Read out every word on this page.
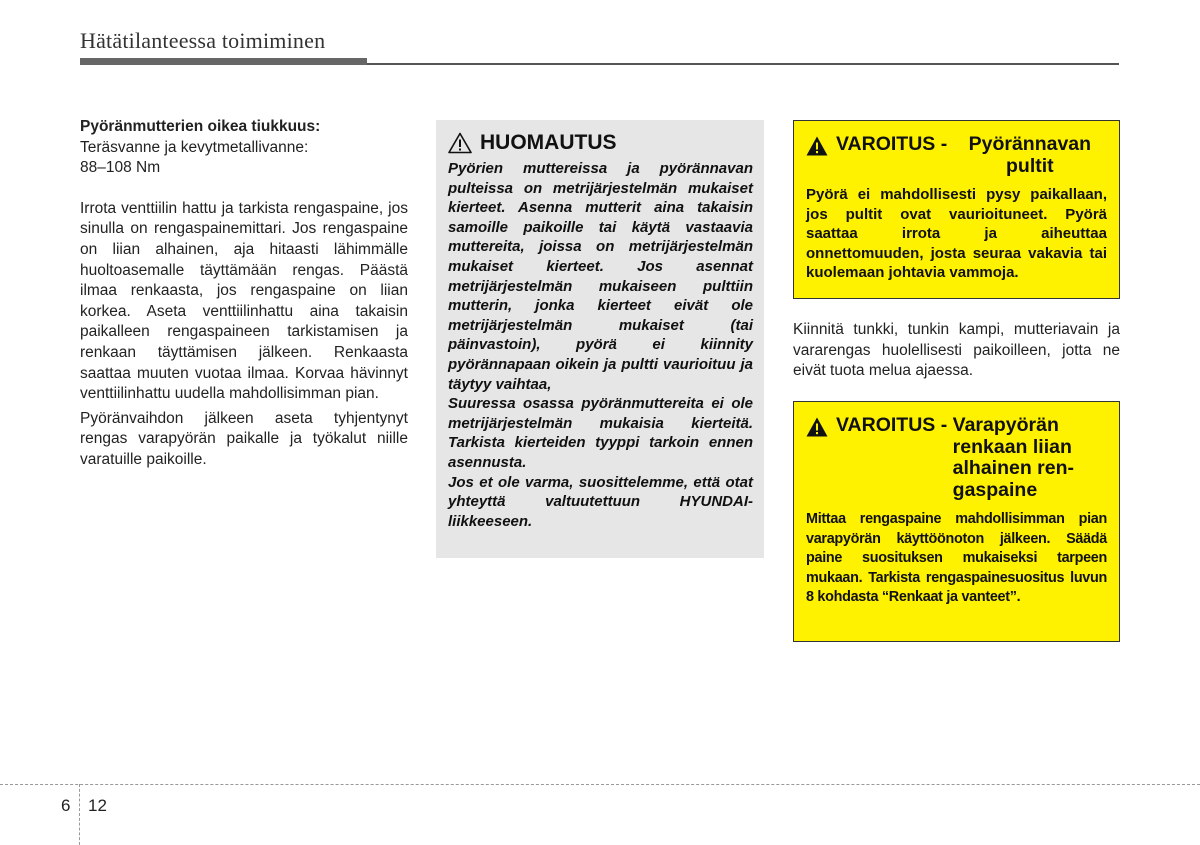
Hätätilanteessa toimiminen

Pyöränmutterien oikea tiukkuus:

Teräsvanne ja kevytmetallivanne:

88–108 Nm

Irrota venttiilin hattu ja tarkista rengaspaine, jos sinulla on rengaspainemittari. Jos rengaspaine on liian alhainen, aja hitaasti lähimmälle huoltoasemalle täyttämään rengas. Päästä ilmaa renkaasta, jos rengaspaine on liian korkea. Aseta venttiilinhattu aina takaisin paikalleen rengaspaineen tarkistamisen ja renkaan täyttämisen jälkeen. Renkaasta saattaa muuten vuotaa ilmaa. Korvaa hävinnyt venttiilinhattu uudella mahdollisimman pian.

Pyöränvaihdon jälkeen aseta tyhjentynyt rengas varapyörän paikalle ja työkalut niille varatuille paikoille.

HUOMAUTUS

Pyörien muttereissa ja pyörännavan pulteissa on metrijärjestelmän mukaiset kierteet. Asenna mutterit aina takaisin samoille paikoille tai käytä vastaavia muttereita, joissa on metrijärjestelmän mukaiset kierteet. Jos asennat metrijärjestelmän mukaiseen pulttiin mutterin, jonka kierteet eivät ole metrijärjestelmän mukaiset (tai päinvastoin), pyörä ei kiinnity pyörännapaan oikein ja pultti vaurioituu ja täytyy vaihtaa,

Suuressa osassa pyöränmuttereita ei ole metrijärjestelmän mukaisia kierteitä. Tarkista kierteiden tyyppi tarkoin ennen asennusta.

Jos et ole varma, suosittelemme, että otat yhteyttä valtuutettuun HYUNDAI-liikkeeseen.

VAROITUS - Pyörännavan pultit
Pyörä ei mahdollisesti pysy paikallaan, jos pultit ovat vaurioituneet. Pyörä saattaa irrota ja aiheuttaa onnettomuuden, josta seuraa vakavia tai kuolemaan johtavia vammoja.
Kiinnitä tunkki, tunkin kampi, mutteriavain ja vararengas huolellisesti paikoilleen, jotta ne eivät tuota melua ajaessa.
VAROITUS - Varapyörän renkaan liian alhainen rengaspaine
Mittaa rengaspaine mahdollisimman pian varapyörän käyttöönoton jälkeen. Säädä paine suosituksen mukaiseksi tarpeen mukaan. Tarkista rengaspainesuositus luvun 8 kohdasta “Renkaat ja vanteet”.
6 12
